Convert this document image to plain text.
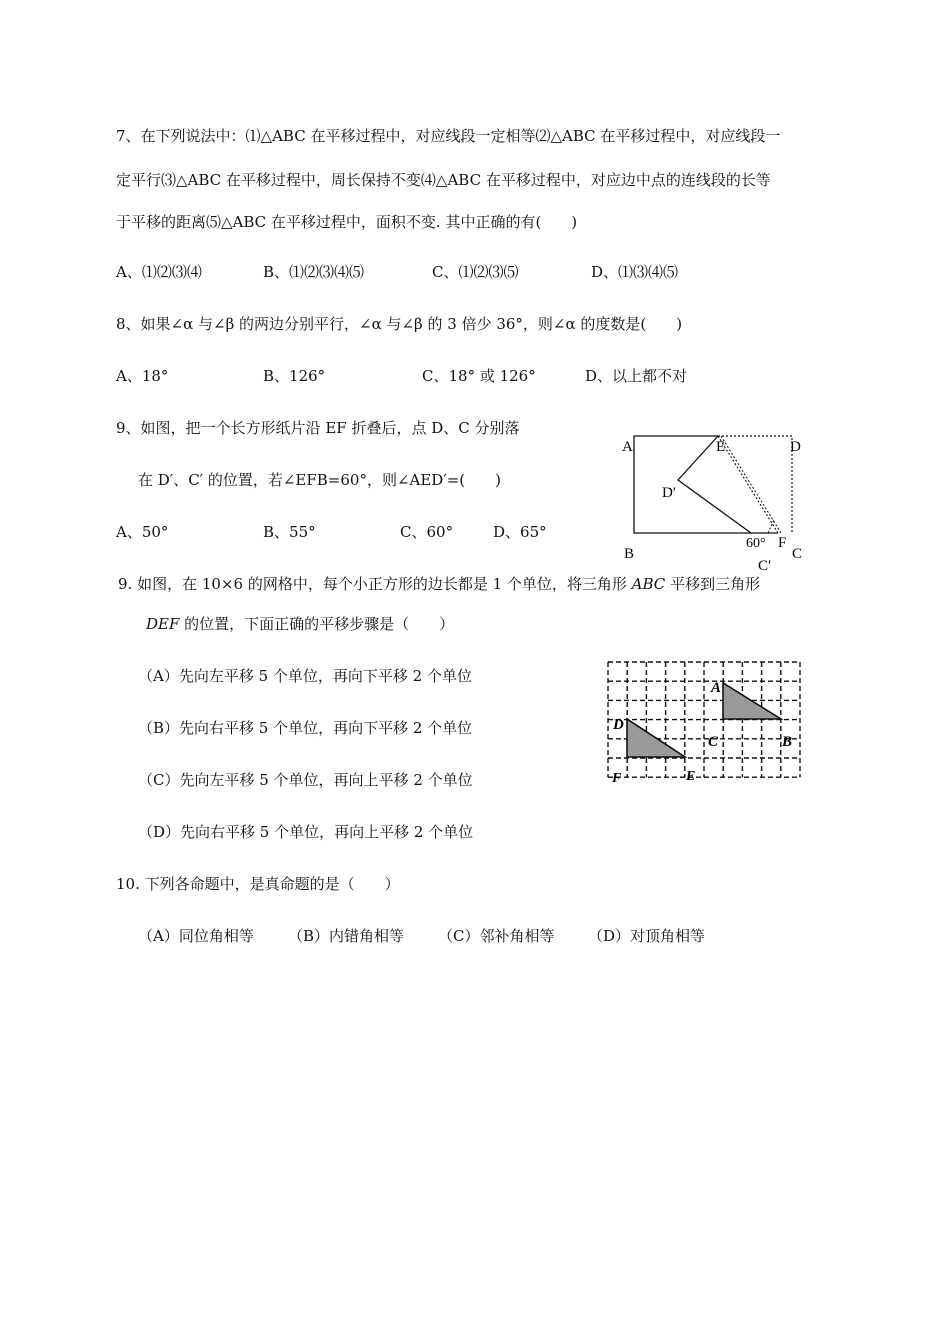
7、在下列说法中：⑴△ABC 在平移过程中，对应线段一定相等⑵△ABC 在平移过程中，对应线段一
定平行⑶△ABC 在平移过程中，周长保持不变⑷△ABC 在平移过程中，对应边中点的连线段的长等
于平移的距离⑸△ABC 在平移过程中，面积不变. 其中正确的有(　　)
A、⑴⑵⑶⑷	B、⑴⑵⑶⑷⑸	C、⑴⑵⑶⑸	D、⑴⑶⑷⑸
8、如果∠α 与∠β 的两边分别平行，∠α 与∠β 的 3 倍少 36°，则∠α 的度数是(　　)
A、18°	B、126°	C、18° 或 126°	D、以上都不对
9、如图，把一个长方形纸片沿 EF 折叠后，点 D、C 分别落
在 D′、C′ 的位置，若∠EFB=60°，则∠AED′=(　　)
A、50°	B、55°	C、60°	D、65°
A	E	D
D′
B
60° F
C
C′
9. 如图，在 10×6 的网格中，每个小正方形的边长都是 1 个单位，将三角形 ABC 平移到三角形
DEF 的位置，下面正确的平移步骤是（　　）
（A）先向左平移 5 个单位，再向下平移 2 个单位
（B）先向右平移 5 个单位，再向下平移 2 个单位
（C）先向左平移 5 个单位，再向上平移 2 个单位
（D）先向右平移 5 个单位，再向上平移 2 个单位
A
B
C
D
E
F
10. 下列各命题中，是真命题的是（　　）
（A）同位角相等 （B）内错角相等 （C）邻补角相等 （D）对顶角相等
